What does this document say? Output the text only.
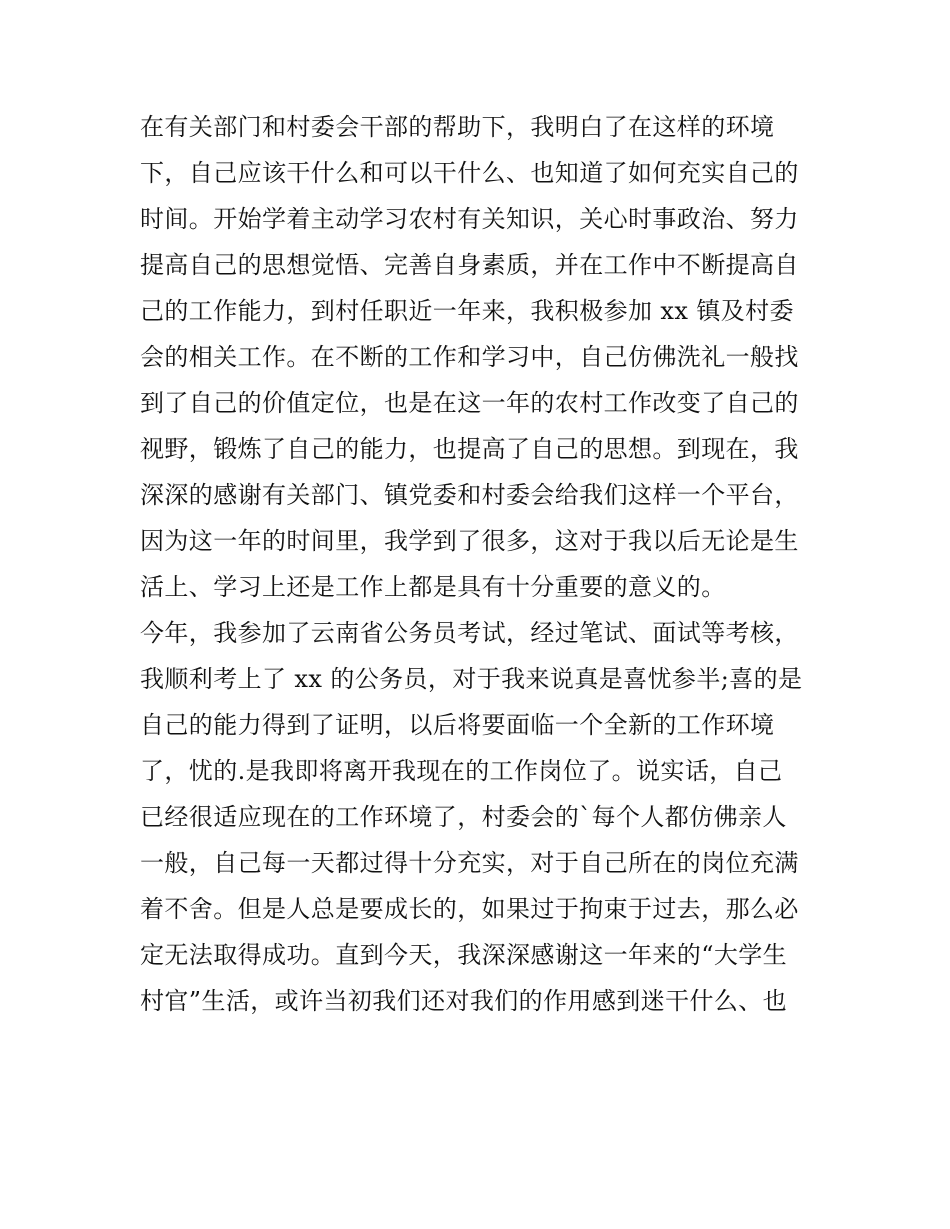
在有关部门和村委会干部的帮助下，我明白了在这样的环境
下，自己应该干什么和可以干什么、也知道了如何充实自己的
时间。开始学着主动学习农村有关知识，关心时事政治、努力
提高自己的思想觉悟、完善自身素质，并在工作中不断提高自
己的工作能力，到村任职近一年来，我积极参加 xx 镇及村委
会的相关工作。在不断的工作和学习中，自己仿佛洗礼一般找
到了自己的价值定位，也是在这一年的农村工作改变了自己的
视野，锻炼了自己的能力，也提高了自己的思想。到现在，我
深深的感谢有关部门、镇党委和村委会给我们这样一个平台，
因为这一年的时间里，我学到了很多，这对于我以后无论是生
活上、学习上还是工作上都是具有十分重要的意义的。
今年，我参加了云南省公务员考试，经过笔试、面试等考核，
我顺利考上了 xx 的公务员，对于我来说真是喜忧参半;喜的是
自己的能力得到了证明，以后将要面临一个全新的工作环境
了，忧的.是我即将离开我现在的工作岗位了。说实话，自己
已经很适应现在的工作环境了，村委会的`每个人都仿佛亲人
一般，自己每一天都过得十分充实，对于自己所在的岗位充满
着不舍。但是人总是要成长的，如果过于拘束于过去，那么必
定无法取得成功。直到今天，我深深感谢这一年来的“大学生
村官”生活，或许当初我们还对我们的作用感到迷干什么、也
